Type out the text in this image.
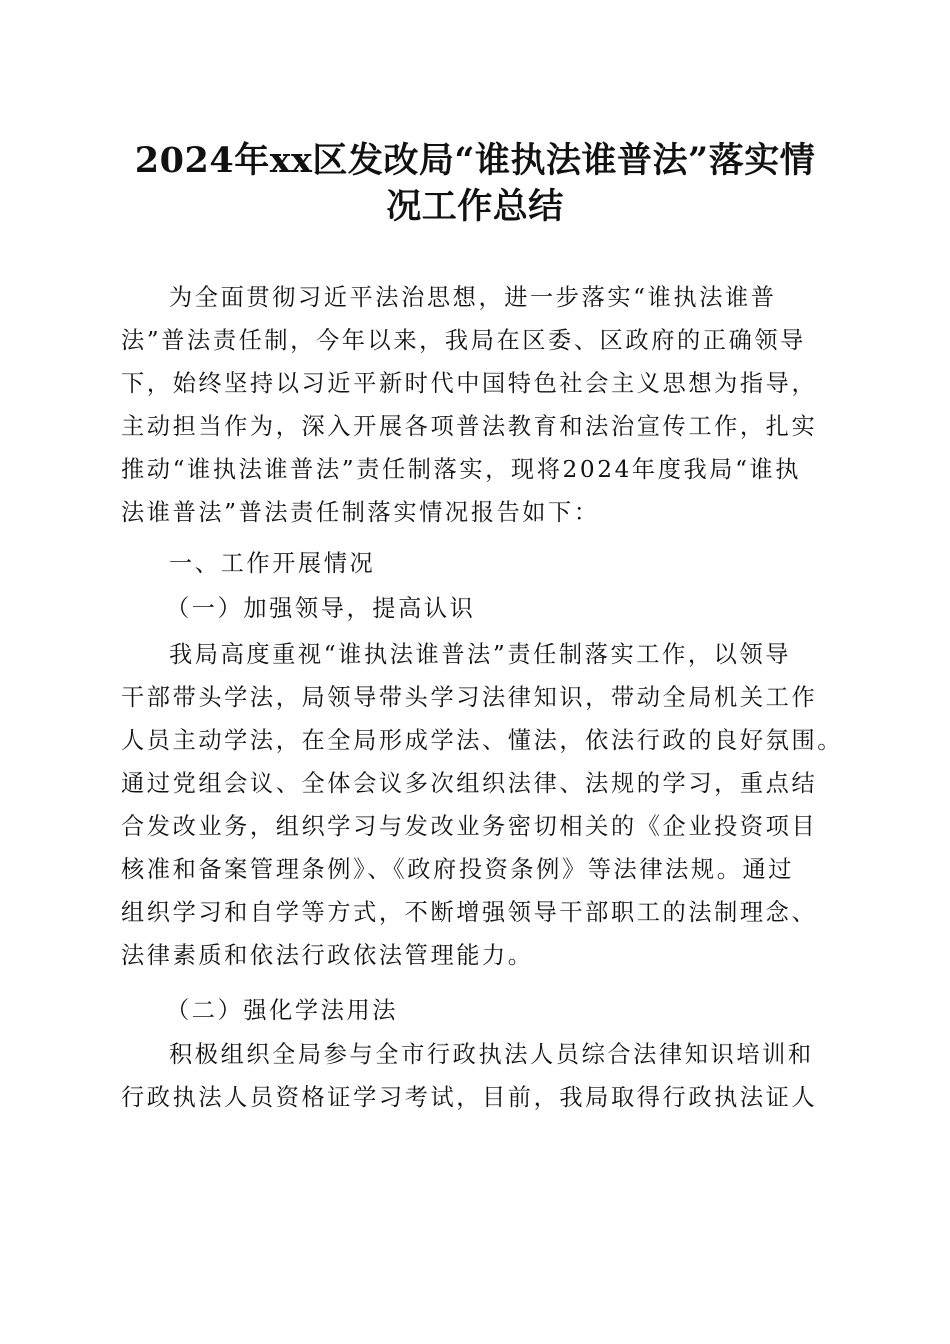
2024年xx区发改局“谁执法谁普法”落实情
况工作总结

为全面贯彻习近平法治思想，进一步落实“谁执法谁普

法”普法责任制，今年以来，我局在区委、区政府的正确领导

下，始终坚持以习近平新时代中国特色社会主义思想为指导，

主动担当作为，深入开展各项普法教育和法治宣传工作，扎实

推动“谁执法谁普法”责任制落实，现将2024年度我局“谁执

法谁普法”普法责任制落实情况报告如下：

一、工作开展情况

（一）加强领导，提高认识

我局高度重视“谁执法谁普法”责任制落实工作，以领导

干部带头学法，局领导带头学习法律知识，带动全局机关工作

人员主动学法，在全局形成学法、懂法，依法行政的良好氛围。

通过党组会议、全体会议多次组织法律、法规的学习，重点结

合发改业务，组织学习与发改业务密切相关的《企业投资项目

核准和备案管理条例》、《政府投资条例》等法律法规。通过

组织学习和自学等方式，不断增强领导干部职工的法制理念、

法律素质和依法行政依法管理能力。

（二）强化学法用法

积极组织全局参与全市行政执法人员综合法律知识培训和

行政执法人员资格证学习考试，目前，我局取得行政执法证人
